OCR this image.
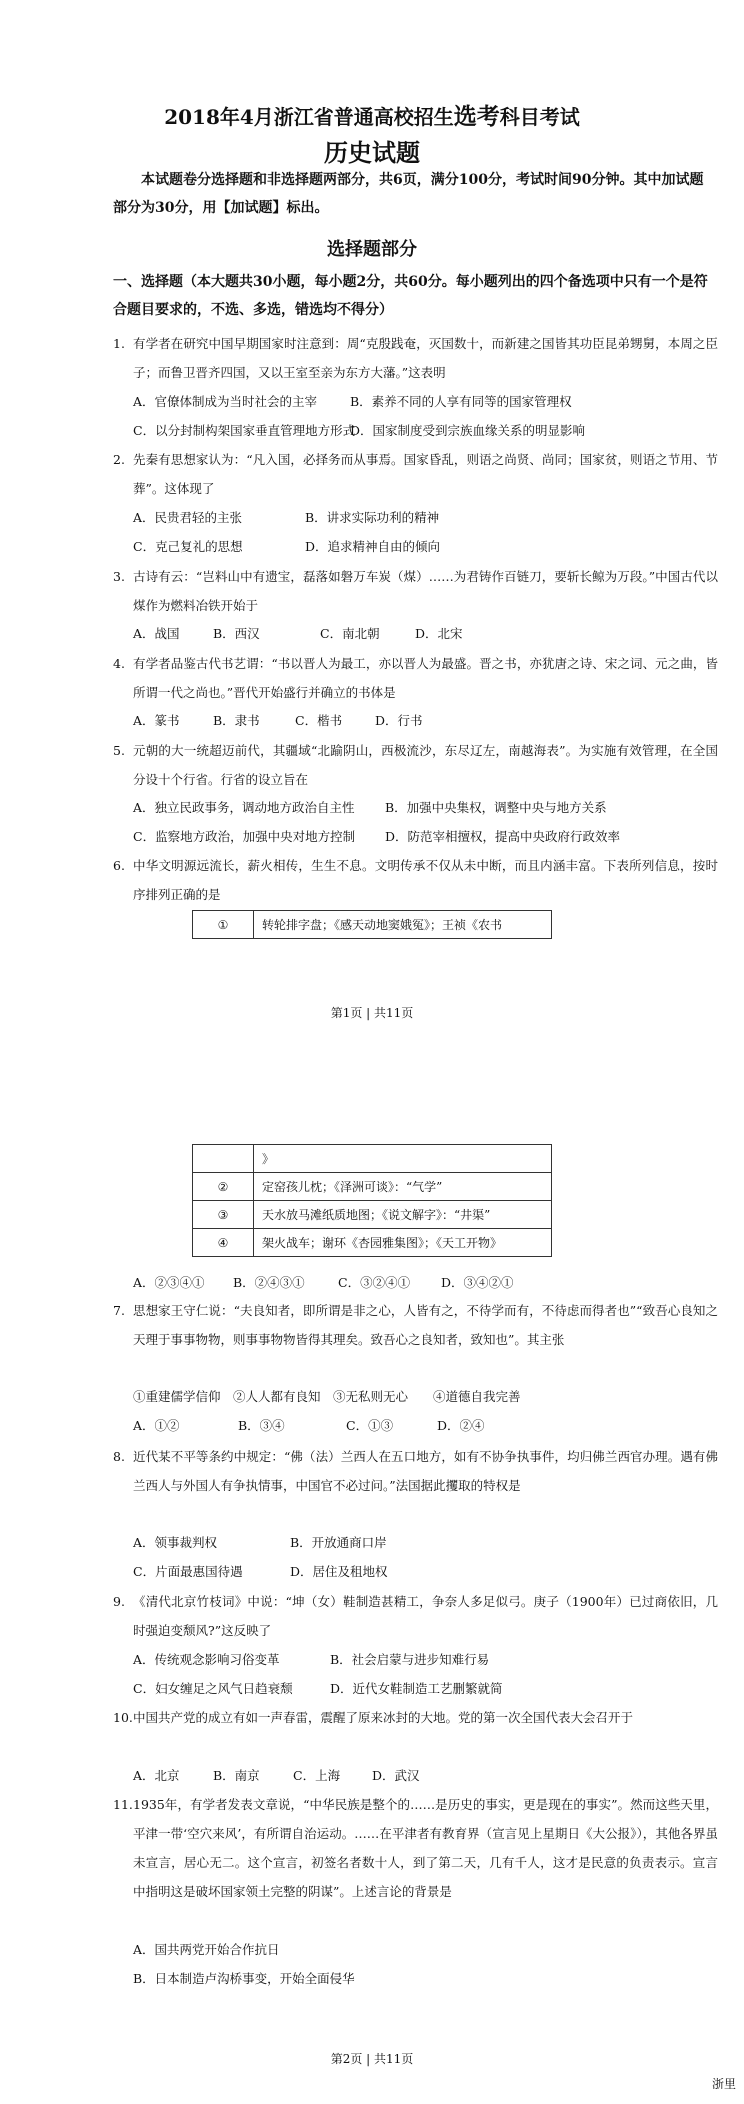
2018年4月浙江省普通高校招生选考科目考试
历史试题
本试题卷分选择题和非选择题两部分，共6页，满分100分，考试时间90分钟。其中加试题部分为30分，用【加试题】标出。
选择题部分
一、选择题（本大题共30小题，每小题2分，共60分。每小题列出的四个备选项中只有一个是符合题目要求的，不选、多选，错选均不得分）
1. 有学者在研究中国早期国家时注意到：周“克殷践奄，灭国数十，而新建之国皆其功臣昆弟甥舅，本周之臣子；而鲁卫晋齐四国，又以王室至亲为东方大藩。”这表明
A．官僚体制成为当时社会的主宰	B．素养不同的人享有同等的国家管理权
C．以分封制构架国家垂直管理地方形式
D．国家制度受到宗族血缘关系的明显影响
2. 先秦有思想家认为：“凡入国，必择务而从事焉。国家昏乱，则语之尚贤、尚同；国家贫，则语之节用、节葬”。这体现了
A．民贵君轻的主张	B．讲求实际功利的精神
C．克己复礼的思想	D．追求精神自由的倾向
3. 古诗有云：“岂料山中有遗宝，磊落如磐万车炭（煤）……为君铸作百链刀，要斩长鲸为万段。”中国古代以煤作为燃料冶铁开始于
A．战国	B．西汉	C．南北朝	D．北宋
4. 有学者品鉴古代书艺谓：“书以晋人为最工，亦以晋人为最盛。晋之书，亦犹唐之诗、宋之词、元之曲，皆所谓一代之尚也。”晋代开始盛行并确立的书体是
A．篆书	B．隶书	C．楷书	D．行书
5. 元朝的大一统超迈前代，其疆域“北踰阴山，西极流沙，东尽辽左，南越海表”。为实施有效管理，在全国分设十个行省。行省的设立旨在
A．独立民政事务，调动地方政治自主性 B．加强中央集权，调整中央与地方关系
C．监察地方政治，加强中央对地方控制 D．防范宰相擅权，提高中央政府行政效率
6. 中华文明源远流长，薪火相传，生生不息。文明传承不仅从未中断，而且内涵丰富。下表所列信息，按时序排列正确的是
①	转轮排字盘；《感天动地窦娥冤》；王祯《农书
第1页 | 共11页
	》
②	定窑孩儿枕；《泽洲可谈》：“气学”
③	天水放马滩纸质地图；《说文解字》：“井渠”
④	架火战车；谢环《杏园雅集图》；《天工开物》
A．②③④① B．②④③①	C．③②④① D．③④②①
7. 思想家王守仁说：“夫良知者，即所谓是非之心，人皆有之，不待学而有，不待虑而得者也”“致吾心良知之天理于事事物物，则事事物物皆得其理矣。致吾心之良知者，致知也”。其主张
①重建儒学信仰　②人人都有良知　③无私则无心　　④道德自我完善
A．①②	B．③④	C．①③	D．②④
8. 近代某不平等条约中规定：“佛（法）兰西人在五口地方，如有不协争执事件，均归佛兰西官办理。遇有佛兰西人与外国人有争执情事，中国官不必过问。”法国据此攫取的特权是
A．领事裁判权	B．开放通商口岸
C．片面最惠国待遇	D．居住及租地权
9. 《清代北京竹枝词》中说：“坤（女）鞋制造甚精工，争奈人多足似弓。庚子（1900年）已过商依旧，几时强迫变颓风?”这反映了
A．传统观念影响习俗变革	B．社会启蒙与进步知难行易
C．妇女缠足之风气日趋衰颓	D．近代女鞋制造工艺删繁就简
10. 中国共产党的成立有如一声春雷，震醒了原来冰封的大地。党的第一次全国代表大会召开于
A．北京	B．南京	C．上海	D．武汉
11. 1935年，有学者发表文章说，“中华民族是整个的……是历史的事实，更是现在的事实”。然而这些天里，平津一带‘空穴来风’，有所谓自治运动。……在平津者有教育界（宣言见上星期日《大公报》），其他各界虽未宣言，居心无二。这个宣言，初签名者数十人，到了第二天，几有千人，这才是民意的负责表示。宣言中指明这是破坏国家领土完整的阴谋”。上述言论的背景是
A．国共两党开始合作抗日
B．日本制造卢沟桥事变，开始全面侵华
第2页 | 共11页
浙里
